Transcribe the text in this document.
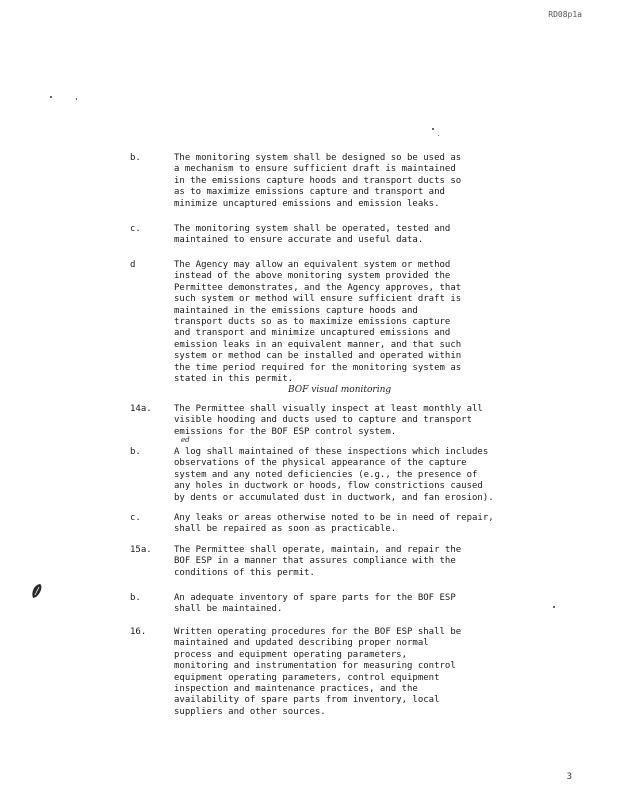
RD08p1a
b.	The monitoring system shall be designed so be used as
a mechanism to ensure sufficient draft is maintained
in the emissions capture hoods and transport ducts so
as to maximize emissions capture and transport and
minimize uncaptured emissions and emission leaks.
c.	The monitoring system shall be operated, tested and
maintained to ensure accurate and useful data.
d	The Agency may allow an equivalent system or method
instead of the above monitoring system provided the
Permittee demonstrates, and the Agency approves, that
such system or method will ensure sufficient draft is
maintained in the emissions capture hoods and
transport ducts so as to maximize emissions capture
and transport and minimize uncaptured emissions and
emission leaks in an equivalent manner, and that such
system or method can be installed and operated within
the time period required for the monitoring system as
stated in this permit.
BOF visual monitoring
14a.	The Permittee shall visually inspect at least monthly all
visible hooding and ducts used to capture and transport
emissions for the BOF ESP control system.
ed
b.	A log shall maintained of these inspections which includes
observations of the physical appearance of the capture
system and any noted deficiencies (e.g., the presence of
any holes in ductwork or hoods, flow constrictions caused
by dents or accumulated dust in ductwork, and fan erosion).
c.	Any leaks or areas otherwise noted to be in need of repair,
shall be repaired as soon as practicable.
15a.	The Permittee shall operate, maintain, and repair the
BOF ESP in a manner that assures compliance with the
conditions of this permit.
b.	An adequate inventory of spare parts for the BOF ESP
shall be maintained.
16.	Written operating procedures for the BOF ESP shall be
maintained and updated describing proper normal
process and equipment operating parameters,
monitoring and instrumentation for measuring control
equipment operating parameters, control equipment
inspection and maintenance practices, and the
availability of spare parts from inventory, local
suppliers and other sources.
3
